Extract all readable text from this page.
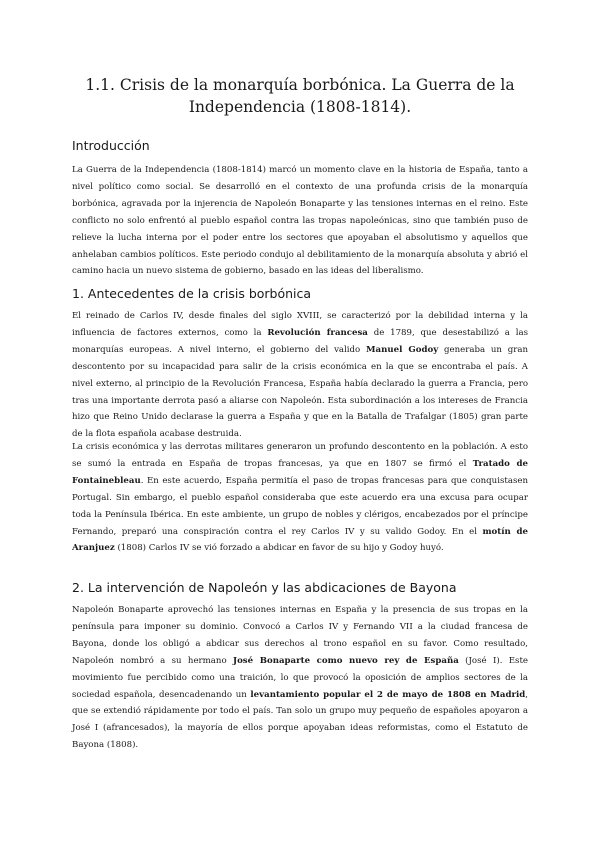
1.1. Crisis de la monarquía borbónica. La Guerra de la Independencia (1808-1814).
Introducción

La Guerra de la Independencia (1808-1814) marcó un momento clave en la historia de España, tanto a nivel político como social. Se desarrolló en el contexto de una profunda crisis de la monarquía borbónica, agravada por la injerencia de Napoleón Bonaparte y las tensiones internas en el reino. Este conflicto no solo enfrentó al pueblo español contra las tropas napoleónicas, sino que también puso de relieve la lucha interna por el poder entre los sectores que apoyaban el absolutismo y aquellos que anhelaban cambios políticos. Este periodo condujo al debilitamiento de la monarquía absoluta y abrió el camino hacia un nuevo sistema de gobierno, basado en las ideas del liberalismo.

1. Antecedentes de la crisis borbónica

El reinado de Carlos IV, desde finales del siglo XVIII, se caracterizó por la debilidad interna y la influencia de factores externos, como la Revolución francesa de 1789, que desestabilizó a las monarquías europeas. A nivel interno, el gobierno del valido Manuel Godoy generaba un gran descontento por su incapacidad para salir de la crisis económica en la que se encontraba el país. A nivel externo, al principio de la Revolución Francesa, España había declarado la guerra a Francia, pero tras una importante derrota pasó a aliarse con Napoleón. Esta subordinación a los intereses de Francia hizo que Reino Unido declarase la guerra a España y que en la Batalla de Trafalgar (1805) gran parte de la flota española acabase destruida.

La crisis económica y las derrotas militares generaron un profundo descontento en la población. A esto se sumó la entrada en España de tropas francesas, ya que en 1807 se firmó el Tratado de Fontainebleau. En este acuerdo, España permitía el paso de tropas francesas para que conquistasen Portugal. Sin embargo, el pueblo español consideraba que este acuerdo era una excusa para ocupar toda la Península Ibérica. En este ambiente, un grupo de nobles y clérigos, encabezados por el príncipe Fernando, preparó una conspiración contra el rey Carlos IV y su valido Godoy. En el motín de Aranjuez (1808) Carlos IV se vió forzado a abdicar en favor de su hijo y Godoy huyó.

2. La intervención de Napoleón y las abdicaciones de Bayona

Napoleón Bonaparte aprovechó las tensiones internas en España y la presencia de sus tropas en la península para imponer su dominio. Convocó a Carlos IV y Fernando VII a la ciudad francesa de Bayona, donde los obligó a abdicar sus derechos al trono español en su favor. Como resultado, Napoleón nombró a su hermano José Bonaparte como nuevo rey de España (José I). Este movimiento fue percibido como una traición, lo que provocó la oposición de amplios sectores de la sociedad española, desencadenando un levantamiento popular el 2 de mayo de 1808 en Madrid, que se extendió rápidamente por todo el país. Tan solo un grupo muy pequeño de españoles apoyaron a José I (afrancesados), la mayoría de ellos porque apoyaban ideas reformistas, como el Estatuto de Bayona (1808).
